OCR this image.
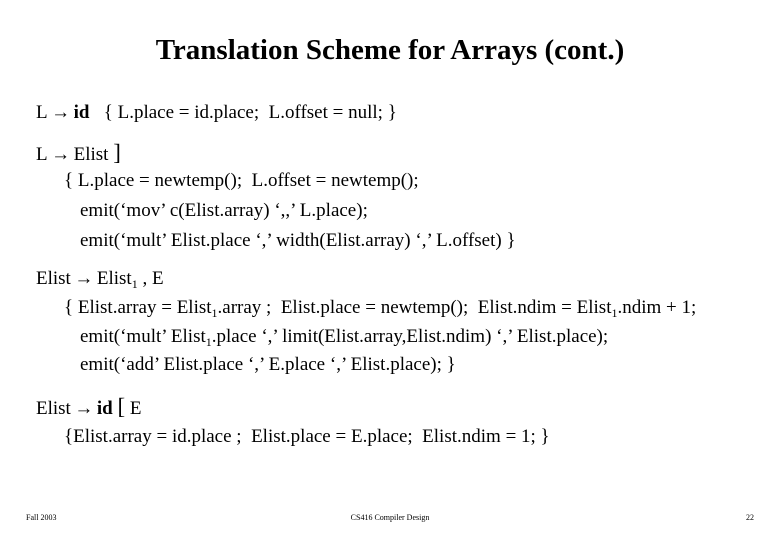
Translation Scheme for Arrays (cont.)
L → id { L.place = id.place;  L.offset = null; }
L → Elist ]
{ L.place = newtemp();  L.offset = newtemp();
emit(‘mov’ c(Elist.array) ‘,,’ L.place);
emit(‘mult’ Elist.place ‘,’ width(Elist.array) ‘,’ L.offset) }
Elist → Elist$_1$ , E
{ Elist.array = Elist$_1$.array ;  Elist.place = newtemp();  Elist.ndim = Elist$_1$.ndim + 1;
emit(‘mult’ Elist$_1$.place ‘,’ limit(Elist.array,Elist.ndim) ‘,’ Elist.place);
emit(‘add’ Elist.place ‘,’ E.place ‘,’ Elist.place); }
Elist → id [ E
{Elist.array = id.place ;  Elist.place = E.place;  Elist.ndim = 1; }
Fall 2003	CS416 Compiler Design	22
